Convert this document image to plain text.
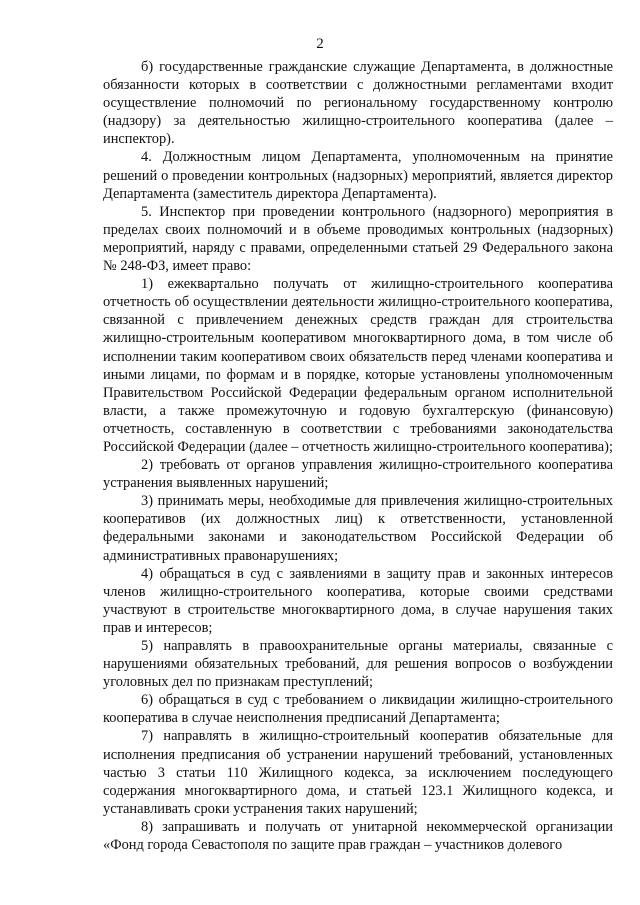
2

б) государственные гражданские служащие Департамента, в должностные обязанности которых в соответствии с должностными регламентами входит осуществление полномочий по региональному государственному контролю (надзору) за деятельностью жилищно-строительного кооператива (далее – инспектор).

4. Должностным лицом Департамента, уполномоченным на принятие решений о проведении контрольных (надзорных) мероприятий, является директор Департамента (заместитель директора Департамента).

5. Инспектор при проведении контрольного (надзорного) мероприятия в пределах своих полномочий и в объеме проводимых контрольных (надзорных) мероприятий, наряду с правами, определенными статьей 29 Федерального закона № 248-ФЗ, имеет право:

1) ежеквартально получать от жилищно-строительного кооператива отчетность об осуществлении деятельности жилищно-строительного кооператива, связанной с привлечением денежных средств граждан для строительства жилищно-строительным кооперативом многоквартирного дома, в том числе об исполнении таким кооперативом своих обязательств перед членами кооператива и иными лицами, по формам и в порядке, которые установлены уполномоченным Правительством Российской Федерации федеральным органом исполнительной власти, а также промежуточную и годовую бухгалтерскую (финансовую) отчетность, составленную в соответствии с требованиями законодательства Российской Федерации (далее – отчетность жилищно-строительного кооператива);

2) требовать от органов управления жилищно-строительного кооператива устранения выявленных нарушений;

3) принимать меры, необходимые для привлечения жилищно-строительных кооперативов (их должностных лиц) к ответственности, установленной федеральными законами и законодательством Российской Федерации об административных правонарушениях;

4) обращаться в суд с заявлениями в защиту прав и законных интересов членов жилищно-строительного кооператива, которые своими средствами участвуют в строительстве многоквартирного дома, в случае нарушения таких прав и интересов;

5) направлять в правоохранительные органы материалы, связанные с нарушениями обязательных требований, для решения вопросов о возбуждении уголовных дел по признакам преступлений;

6) обращаться в суд с требованием о ликвидации жилищно-строительного кооператива в случае неисполнения предписаний Департамента;

7) направлять в жилищно-строительный кооператив обязательные для исполнения предписания об устранении нарушений требований, установленных частью 3 статьи 110 Жилищного кодекса, за исключением последующего содержания многоквартирного дома, и статьей 123.1 Жилищного кодекса, и устанавливать сроки устранения таких нарушений;

8) запрашивать и получать от унитарной некоммерческой организации «Фонд города Севастополя по защите прав граждан – участников долевого
